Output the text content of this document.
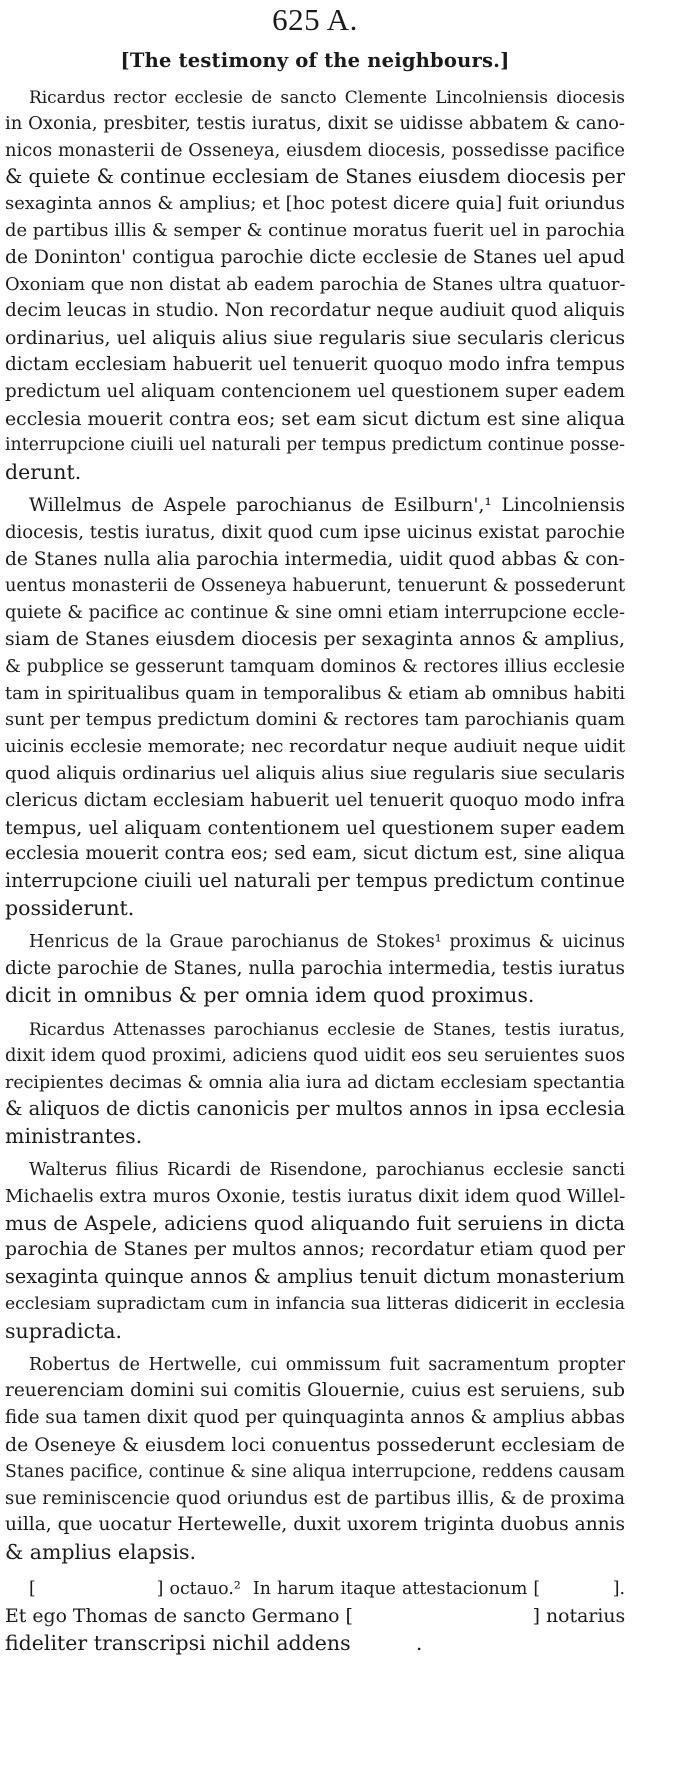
625 A.
[The testimony of the neighbours.]
Ricardus rector ecclesie de sancto Clemente Lincolniensis diocesis
in Oxonia, presbiter, testis iuratus, dixit se uidisse abbatem & cano-
nicos monasterii de Osseneya, eiusdem diocesis, possedisse pacifice
& quiete & continue ecclesiam de Stanes eiusdem diocesis per
sexaginta annos & amplius; et [hoc potest dicere quia] fuit oriundus
de partibus illis & semper & continue moratus fuerit uel in parochia
de Doninton' contigua parochie dicte ecclesie de Stanes uel apud
Oxoniam que non distat ab eadem parochia de Stanes ultra quatuor-
decim leucas in studio. Non recordatur neque audiuit quod aliquis
ordinarius, uel aliquis alius siue regularis siue secularis clericus
dictam ecclesiam habuerit uel tenuerit quoquo modo infra tempus
predictum uel aliquam contencionem uel questionem super eadem
ecclesia mouerit contra eos; set eam sicut dictum est sine aliqua
interrupcione ciuili uel naturali per tempus predictum continue posse-
derunt.
Willelmus de Aspele parochianus de Esilburn',¹ Lincolniensis
diocesis, testis iuratus, dixit quod cum ipse uicinus existat parochie
de Stanes nulla alia parochia intermedia, uidit quod abbas & con-
uentus monasterii de Osseneya habuerunt, tenuerunt & possederunt
quiete & pacifice ac continue & sine omni etiam interrupcione eccle-
siam de Stanes eiusdem diocesis per sexaginta annos & amplius,
& pubplice se gesserunt tamquam dominos & rectores illius ecclesie
tam in spiritualibus quam in temporalibus & etiam ab omnibus habiti
sunt per tempus predictum domini & rectores tam parochianis quam
uicinis ecclesie memorate; nec recordatur neque audiuit neque uidit
quod aliquis ordinarius uel aliquis alius siue regularis siue secularis
clericus dictam ecclesiam habuerit uel tenuerit quoquo modo infra
tempus, uel aliquam contentionem uel questionem super eadem
ecclesia mouerit contra eos; sed eam, sicut dictum est, sine aliqua
interrupcione ciuili uel naturali per tempus predictum continue
possiderunt.
Henricus de la Graue parochianus de Stokes¹ proximus & uicinus
dicte parochie de Stanes, nulla parochia intermedia, testis iuratus
dicit in omnibus & per omnia idem quod proximus.
Ricardus Attenasses parochianus ecclesie de Stanes, testis iuratus,
dixit idem quod proximi, adiciens quod uidit eos seu seruientes suos
recipientes decimas & omnia alia iura ad dictam ecclesiam spectantia
& aliquos de dictis canonicis per multos annos in ipsa ecclesia
ministrantes.
Walterus filius Ricardi de Risendone, parochianus ecclesie sancti
Michaelis extra muros Oxonie, testis iuratus dixit idem quod Willel-
mus de Aspele, adiciens quod aliquando fuit seruiens in dicta
parochia de Stanes per multos annos; recordatur etiam quod per
sexaginta quinque annos & amplius tenuit dictum monasterium
ecclesiam supradictam cum in infancia sua litteras didicerit in ecclesia
supradicta.
Robertus de Hertwelle, cui ommissum fuit sacramentum propter
reuerenciam domini sui comitis Glouernie, cuius est seruiens, sub
fide sua tamen dixit quod per quinquaginta annos & amplius abbas
de Oseneye & eiusdem loci conuentus possederunt ecclesiam de
Stanes pacifice, continue & sine aliqua interrupcione, reddens causam
sue reminiscencie quod oriundus est de partibus illis, & de proxima
uilla, que uocatur Hertewelle, duxit uxorem triginta duobus annis
& amplius elapsis.
[                    ] octauo.²  In harum itaque attestacionum [            ].
Et ego Thomas de sancto Germano [                              ] notarius
fideliter transcripsi nichil addens          .
